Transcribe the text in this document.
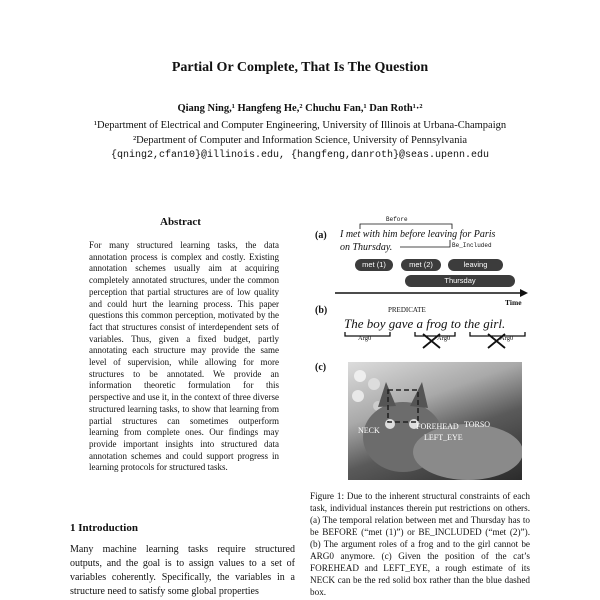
Partial Or Complete, That Is The Question
Qiang Ning,¹ Hangfeng He,² Chuchu Fan,¹ Dan Roth¹·²
¹Department of Electrical and Computer Engineering, University of Illinois at Urbana-Champaign
²Department of Computer and Information Science, University of Pennsylvania
{qning2,cfan10}@illinois.edu, {hangfeng,danroth}@seas.upenn.edu
Abstract
For many structured learning tasks, the data annotation process is complex and costly. Existing annotation schemes usually aim at acquiring completely annotated structures, under the common perception that partial structures are of low quality and could hurt the learning process. This paper questions this common perception, motivated by the fact that structures consist of interdependent sets of variables. Thus, given a fixed budget, partly annotating each structure may provide the same level of supervision, while allowing for more structures to be annotated. We provide an information theoretic formulation for this perspective and use it, in the context of three diverse structured learning tasks, to show that learning from partial structures can sometimes outperform learning from complete ones. Our findings may provide important insights into structured data annotation schemes and could support progress in learning protocols for structured tasks.
1 Introduction
Many machine learning tasks require structured outputs, and the goal is to assign values to a set of variables coherently. Specifically, the variables in a structure need to satisfy some global properties
(a)
Before
I met with him before leaving for Paris
on Thursday.	Be_Included
met (1)	met (2)	leaving
Thursday
Time
(b)	PREDICATE
The boy gave a frog to the girl.
Arg0	Arg0	Arg0
(c)
FOREHEAD
LEFT_EYE
NECK
TORSO
Figure 1: Due to the inherent structural constraints of each task, individual instances therein put restrictions on others. (a) The temporal relation between met and Thursday has to be BEFORE (“met (1)”) or BE_INCLUDED (“met (2)”). (b) The argument roles of a frog and to the girl cannot be ARG0 anymore. (c) Given the position of the cat’s FOREHEAD and LEFT_EYE, a rough estimate of its NECK can be the red solid box rather than the blue dashed box.
